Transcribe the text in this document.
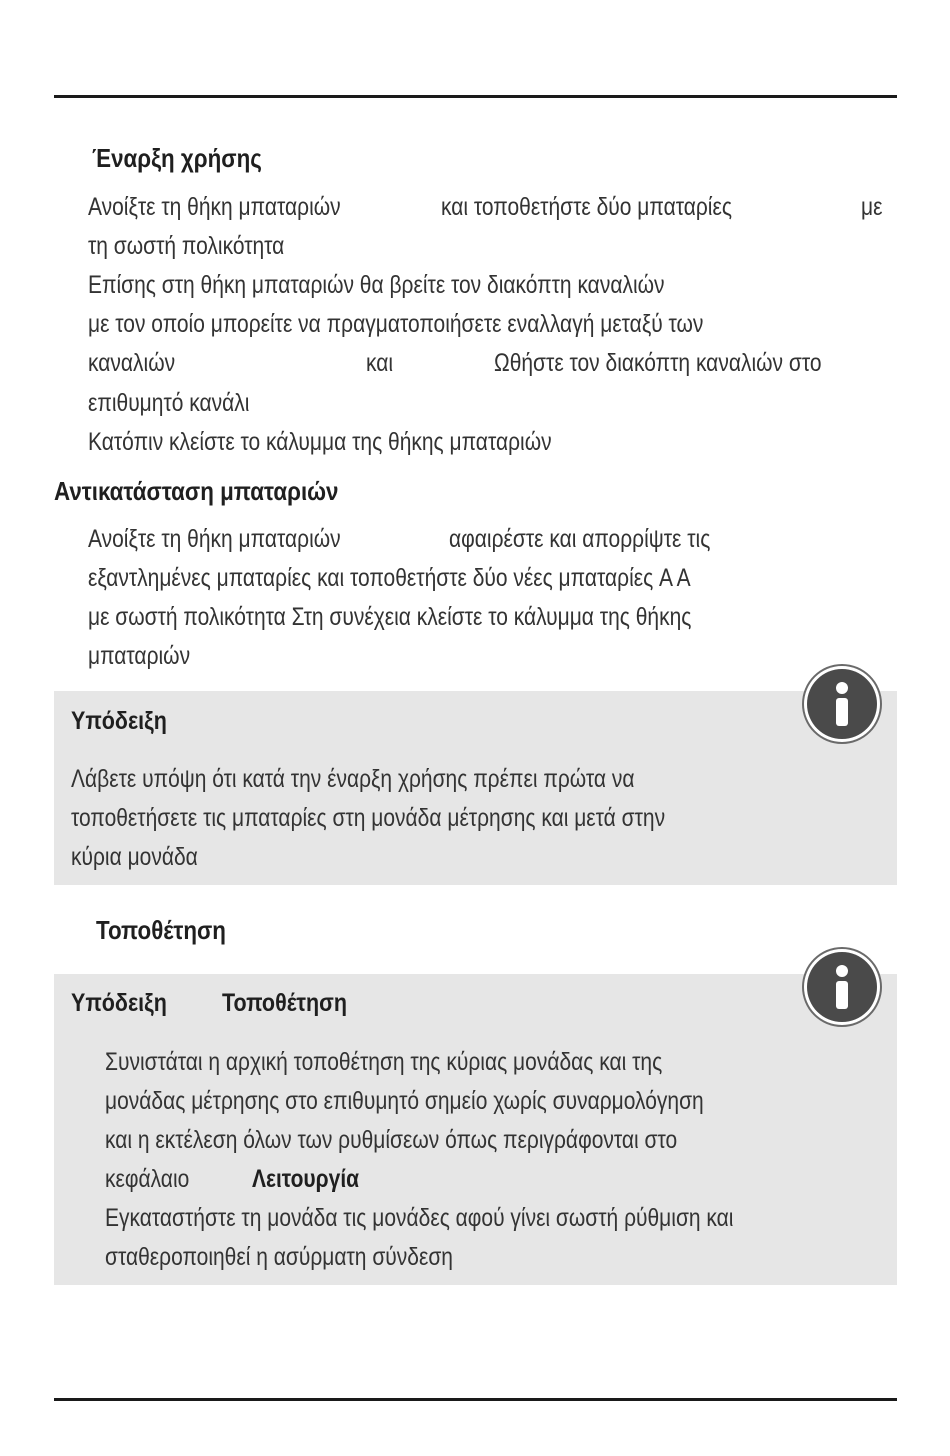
Έναρξη χρήσης
Ανοίξτε τη θήκη μπαταριών	και τοποθετήστε δύο μπαταρίες	με
τη σωστή πολικότητα
Επίσης στη θήκη μπαταριών θα βρείτε τον διακόπτη καναλιών
με τον οποίο μπορείτε να πραγματοποιήσετε εναλλαγή μεταξύ των
καναλιών	και	Ωθήστε τον διακόπτη καναλιών στο
επιθυμητό κανάλι
Κατόπιν κλείστε το κάλυμμα της θήκης μπαταριών
Αντικατάσταση μπαταριών
Ανοίξτε τη θήκη μπαταριών	αφαιρέστε και απορρίψτε τις
εξαντλημένες μπαταρίες και τοποθετήστε δύο νέες μπαταρίες A A
με σωστή πολικότητα Στη συνέχεια κλείστε το κάλυμμα της θήκης
μπαταριών
Υπόδειξη
Λάβετε υπόψη ότι κατά την έναρξη χρήσης πρέπει πρώτα να
τοποθετήσετε τις μπαταρίες στη μονάδα μέτρησης και μετά στην
κύρια μονάδα
Τοποθέτηση
Υπόδειξη Τοποθέτηση
Συνιστάται η αρχική τοποθέτηση της κύριας μονάδας και της
μονάδας μέτρησης στο επιθυμητό σημείο χωρίς συναρμολόγηση
και η εκτέλεση όλων των ρυθμίσεων όπως περιγράφονται στο
κεφάλαιο	Λειτουργία
Εγκαταστήστε τη μονάδα τις μονάδες αφού γίνει σωστή ρύθμιση και
σταθεροποιηθεί η ασύρματη σύνδεση
